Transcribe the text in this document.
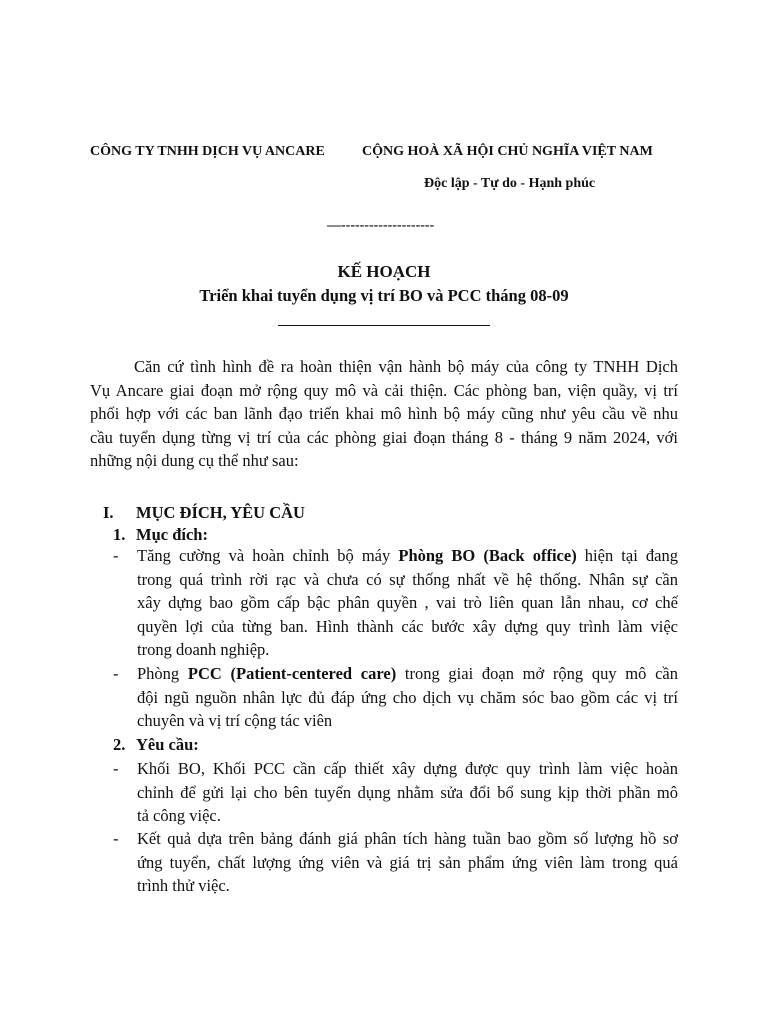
CÔNG TY TNHH DỊCH VỤ ANCARE	CỘNG HOÀ XÃ HỘI CHỦ NGHĨA VIỆT NAM
Độc lập - Tự do - Hạnh phúc
—--------------------
KẾ HOẠCH
Triển khai tuyển dụng vị trí BO và PCC tháng 08-09
Căn cứ tình hình đề ra hoàn thiện vận hành bộ máy của công ty TNHH Dịch
Vụ Ancare giai đoạn mở rộng quy mô và cải thiện. Các phòng ban, viện quầy, vị trí
phối hợp với các ban lãnh đạo triển khai mô hình bộ máy cũng như yêu cầu về nhu
cầu tuyển dụng từng vị trí của các phòng giai đoạn tháng 8 - tháng 9 năm 2024, với
những nội dung cụ thể như sau:
I. MỤC ĐÍCH, YÊU CẦU
1. Mục đích:
- Tăng cường và hoàn chỉnh bộ máy Phòng BO (Back office) hiện tại đang
trong quá trình rời rạc và chưa có sự thống nhất về hệ thống. Nhân sự cần
xây dựng bao gồm cấp bậc phân quyền , vai trò liên quan lẫn nhau, cơ chế
quyền lợi của từng ban. Hình thành các bước xây dựng quy trình làm việc
trong doanh nghiệp.
- Phòng PCC (Patient-centered care) trong giai đoạn mở rộng quy mô cần
đội ngũ nguồn nhân lực đủ đáp ứng cho dịch vụ chăm sóc bao gồm các vị trí
chuyên và vị trí cộng tác viên
2. Yêu cầu:
- Khối BO, Khối PCC cần cấp thiết xây dựng được quy trình làm việc hoàn
chỉnh để gửi lại cho bên tuyển dụng nhằm sửa đổi bổ sung kịp thời phần mô
tả công việc.
- Kết quả dựa trên bảng đánh giá phân tích hàng tuần bao gồm số lượng hồ sơ
ứng tuyển, chất lượng ứng viên và giá trị sản phẩm ứng viên làm trong quá
trình thử việc.
